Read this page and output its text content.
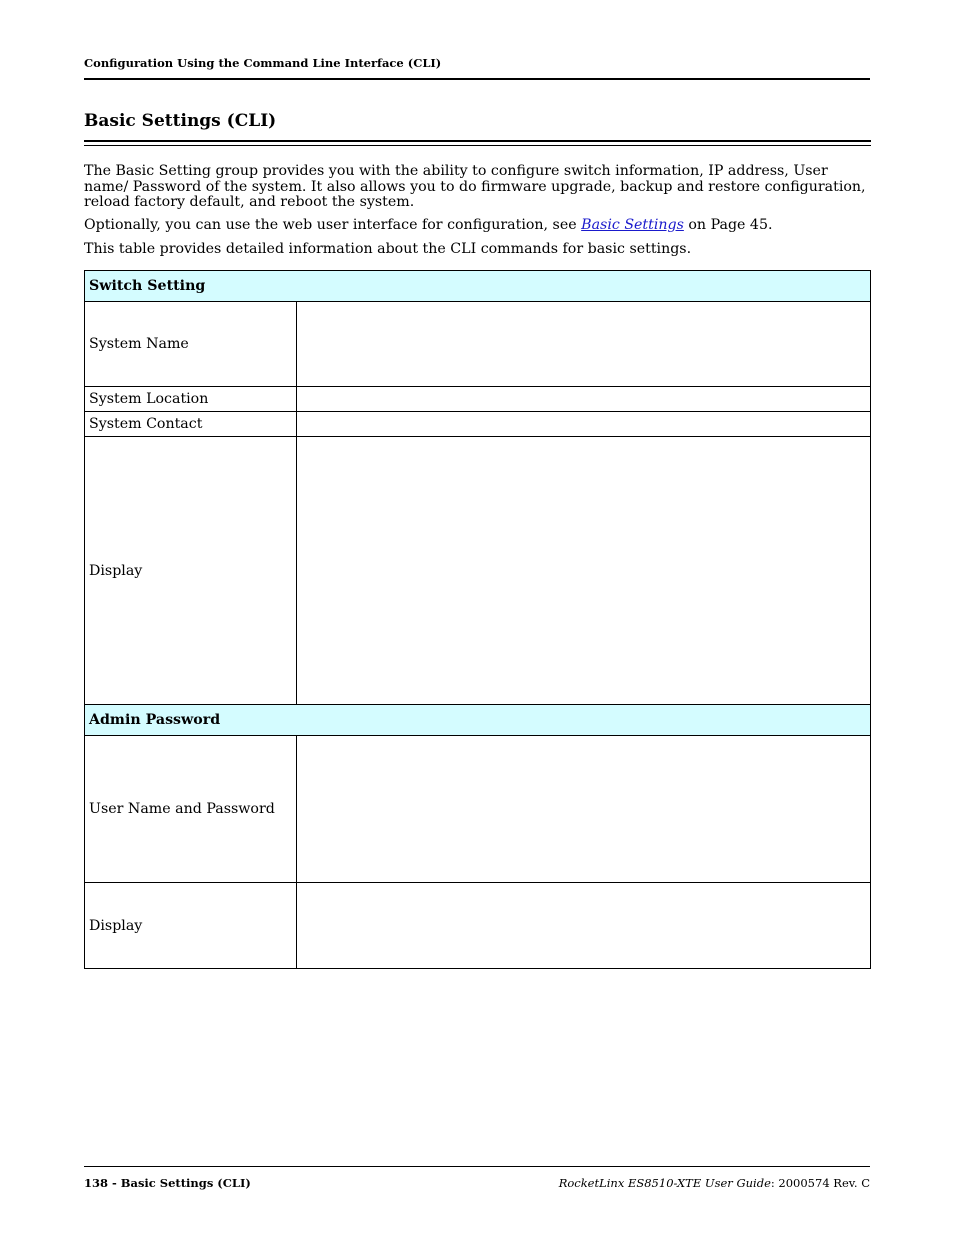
Configuration Using the Command Line Interface (CLI)
Basic Settings (CLI)
The Basic Setting group provides you with the ability to configure switch information, IP address, User name/ Password of the system. It also allows you to do firmware upgrade, backup and restore configuration, reload factory default, and reboot the system.
Optionally, you can use the web user interface for configuration, see Basic Settings on Page 45.
This table provides detailed information about the CLI commands for basic settings.
Switch Setting	
System Name	
System Location	
System Contact	
Display	
Admin Password	
User Name and Password	
Display	
138 - Basic Settings (CLI)	RocketLinx ES8510-XTE User Guide: 2000574 Rev. C
